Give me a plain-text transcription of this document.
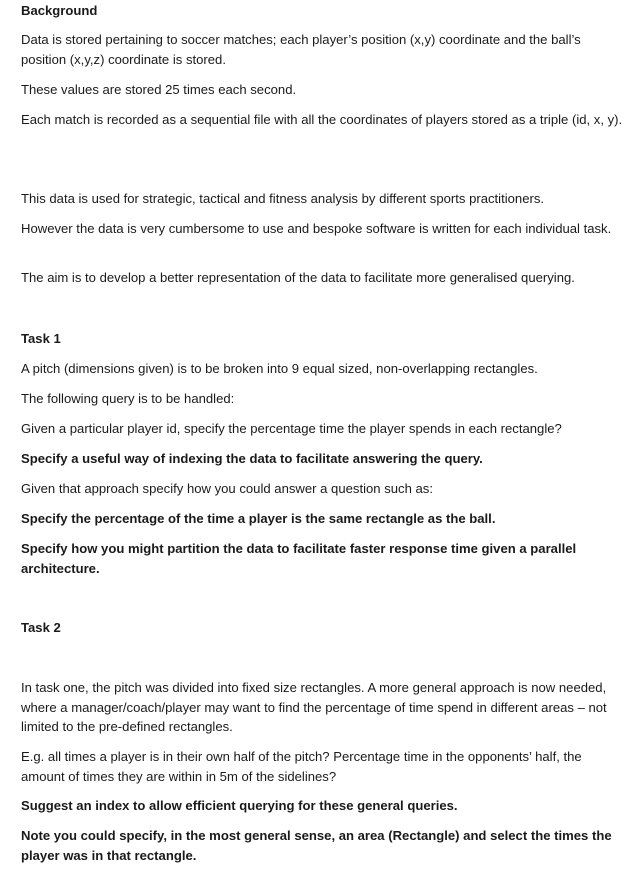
Background
Data is stored pertaining to soccer matches; each player’s position (x,y) coordinate and the ball’s position (x,y,z) coordinate is stored.
These values are stored 25 times each second.
Each match is recorded as a sequential file with all the coordinates of players stored as a triple (id, x, y).
This data is used for strategic, tactical and fitness analysis by different sports practitioners.
However the data is very cumbersome to use and bespoke software is written for each individual task.
The aim is to develop a better representation of the data to facilitate more generalised querying.
Task 1
A pitch (dimensions given) is to be broken into 9 equal sized, non-overlapping rectangles.
The following query is to be handled:
Given a particular player id, specify the percentage time the player spends in each rectangle?
Specify a useful way of indexing the data to facilitate answering the query.
Given that approach specify how you could answer a question such as:
Specify the percentage of the time a player is the same rectangle as the ball.
Specify how you might partition the data to facilitate faster response time given a parallel architecture.
Task 2
In task one, the pitch was divided into fixed size rectangles. A more general approach is now needed, where a manager/coach/player may want to find the percentage of time spend in different areas – not limited to the pre-defined rectangles.
E.g. all times a player is in their own half of the pitch? Percentage time in the opponents’ half, the amount of times they are within in 5m of the sidelines?
Suggest an index to allow efficient querying for these general queries.
Note you could specify, in the most general sense, an area (Rectangle) and select the times the player was in that rectangle.
